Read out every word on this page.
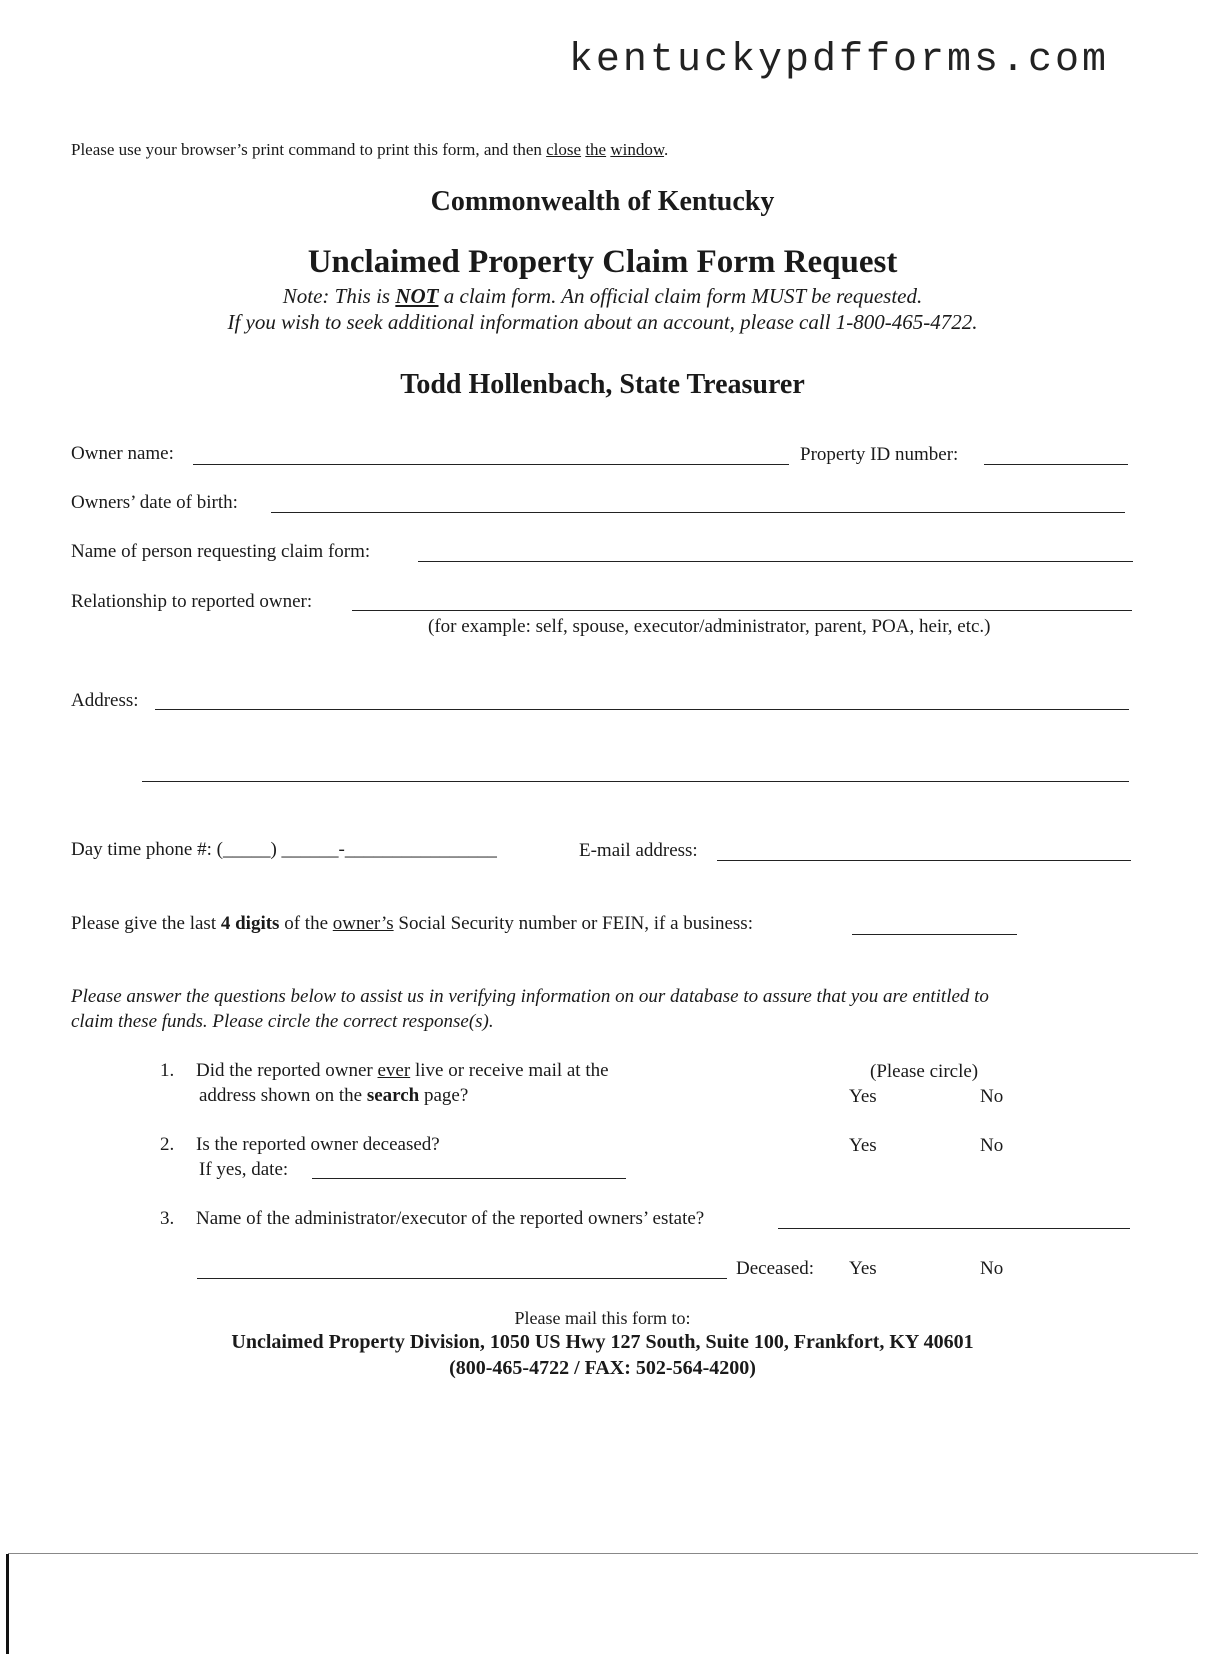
kentuckypdfforms.com
Please use your browser’s print command to print this form, and then close the window.
Commonwealth of Kentucky
Unclaimed Property Claim Form Request
Note: This is NOT a claim form. An official claim form MUST be requested.
If you wish to seek additional information about an account, please call 1-800-465-4722.
Todd Hollenbach, State Treasurer
Owner name:	Property ID number:
Owners’ date of birth:
Name of person requesting claim form:
Relationship to reported owner:
(for example: self, spouse, executor/administrator, parent, POA, heir, etc.)
Address:
Day time phone #: (_____) ______-________________	E-mail address:
Please give the last 4 digits of the owner’s Social Security number or FEIN, if a business:
Please answer the questions below to assist us in verifying information on our database to assure that you are entitled to
claim these funds. Please circle the correct response(s).
1. Did the reported owner ever live or receive mail at the
address shown on the search page?
(Please circle)
Yes	No
2. Is the reported owner deceased?	Yes	No
If yes, date:
3. Name of the administrator/executor of the reported owners’ estate?
Deceased: Yes	No
Please mail this form to:
Unclaimed Property Division, 1050 US Hwy 127 South, Suite 100, Frankfort, KY 40601
(800-465-4722 / FAX: 502-564-4200)
